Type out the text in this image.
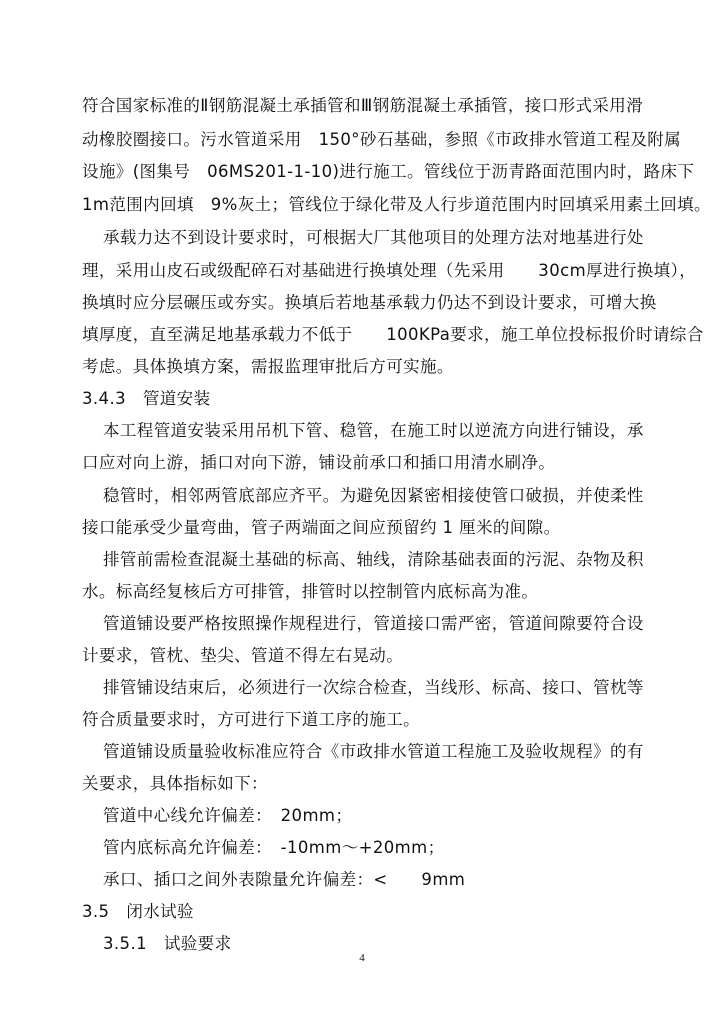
符合国家标准的Ⅱ钢筋混凝土承插管和Ⅲ钢筋混凝土承插管，接口形式采用滑
动橡胶圈接口。污水管道采用　150°砂石基础，参照《市政排水管道工程及附属
设施》(图集号　06MS201-1-10)进行施工。管线位于沥青路面范围内时，路床下
1m范围内回填　9%灰土；管线位于绿化带及人行步道范围内时回填采用素土回填。
承载力达不到设计要求时，可根据大厂其他项目的处理方法对地基进行处
理，采用山皮石或级配碎石对基础进行换填处理（先采用　　30cm厚进行换填），
换填时应分层碾压或夯实。换填后若地基承载力仍达不到设计要求，可增大换
填厚度，直至满足地基承载力不低于　　100KPa要求，施工单位投标报价时请综合
考虑。具体换填方案，需报监理审批后方可实施。
3.4.3　管道安装
本工程管道安装采用吊机下管、稳管，在施工时以逆流方向进行铺设，承
口应对向上游，插口对向下游，铺设前承口和插口用清水刷净。
稳管时，相邻两管底部应齐平。为避免因紧密相接使管口破损，并使柔性
接口能承受少量弯曲，管子两端面之间应预留约 1 厘米的间隙。
排管前需检查混凝土基础的标高、轴线，清除基础表面的污泥、杂物及积
水。标高经复核后方可排管，排管时以控制管内底标高为准。
管道铺设要严格按照操作规程进行，管道接口需严密，管道间隙要符合设
计要求，管枕、垫尖、管道不得左右晃动。
排管铺设结束后，必须进行一次综合检查，当线形、标高、接口、管枕等
符合质量要求时，方可进行下道工序的施工。
管道铺设质量验收标准应符合《市政排水管道工程施工及验收规程》的有
关要求，具体指标如下：
管道中心线允许偏差：　20mm；
管内底标高允许偏差：　-10mm～+20mm；
承口、插口之间外表隙量允许偏差：<　　9mm
3.5　闭水试验
3.5.1　试验要求
4
